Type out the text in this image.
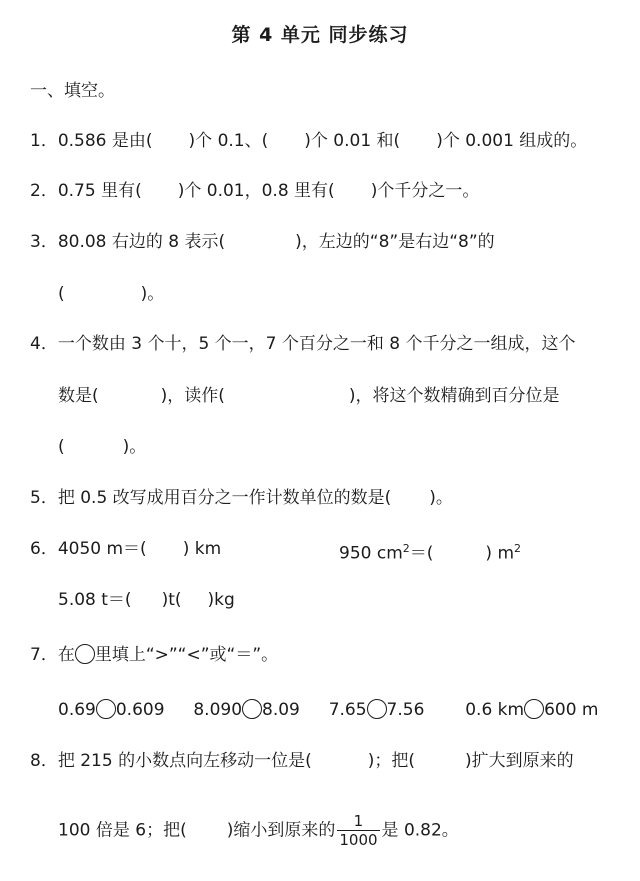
第 4 单元 同步练习
一、填空。
1．0.586 是由( )个 0.1、( )个 0.01 和( )个 0.001 组成的。
2．0.75 里有( )个 0.01，0.8 里有( )个千分之一。
3．80.08 右边的 8 表示(	)，左边的“8”是右边“8”的
(	)。
4．一个数由 3 个十，5 个一，7 个百分之一和 8 个千分之一组成，这个
数是(	)，读作(	)，将这个数精确到百分位是
(	)。
5．把 0.5 改写成用百分之一作计数单位的数是( )。
6．4050 m＝( ) km	950 $cm^2=$(	) $m^2$
5.08 t＝( )t( )kg
7．在 里填上“>”“<”或“＝”。
0.69 0.609 8.090 8.09 7.65 7.56 0.6 km 600 m
8．把 215 的小数点向左移动一位是(	)；把(	)扩大到原来的
100 倍是 6；把( )缩小到原来的 $\frac{1}{1000}$ 是 0.82。
